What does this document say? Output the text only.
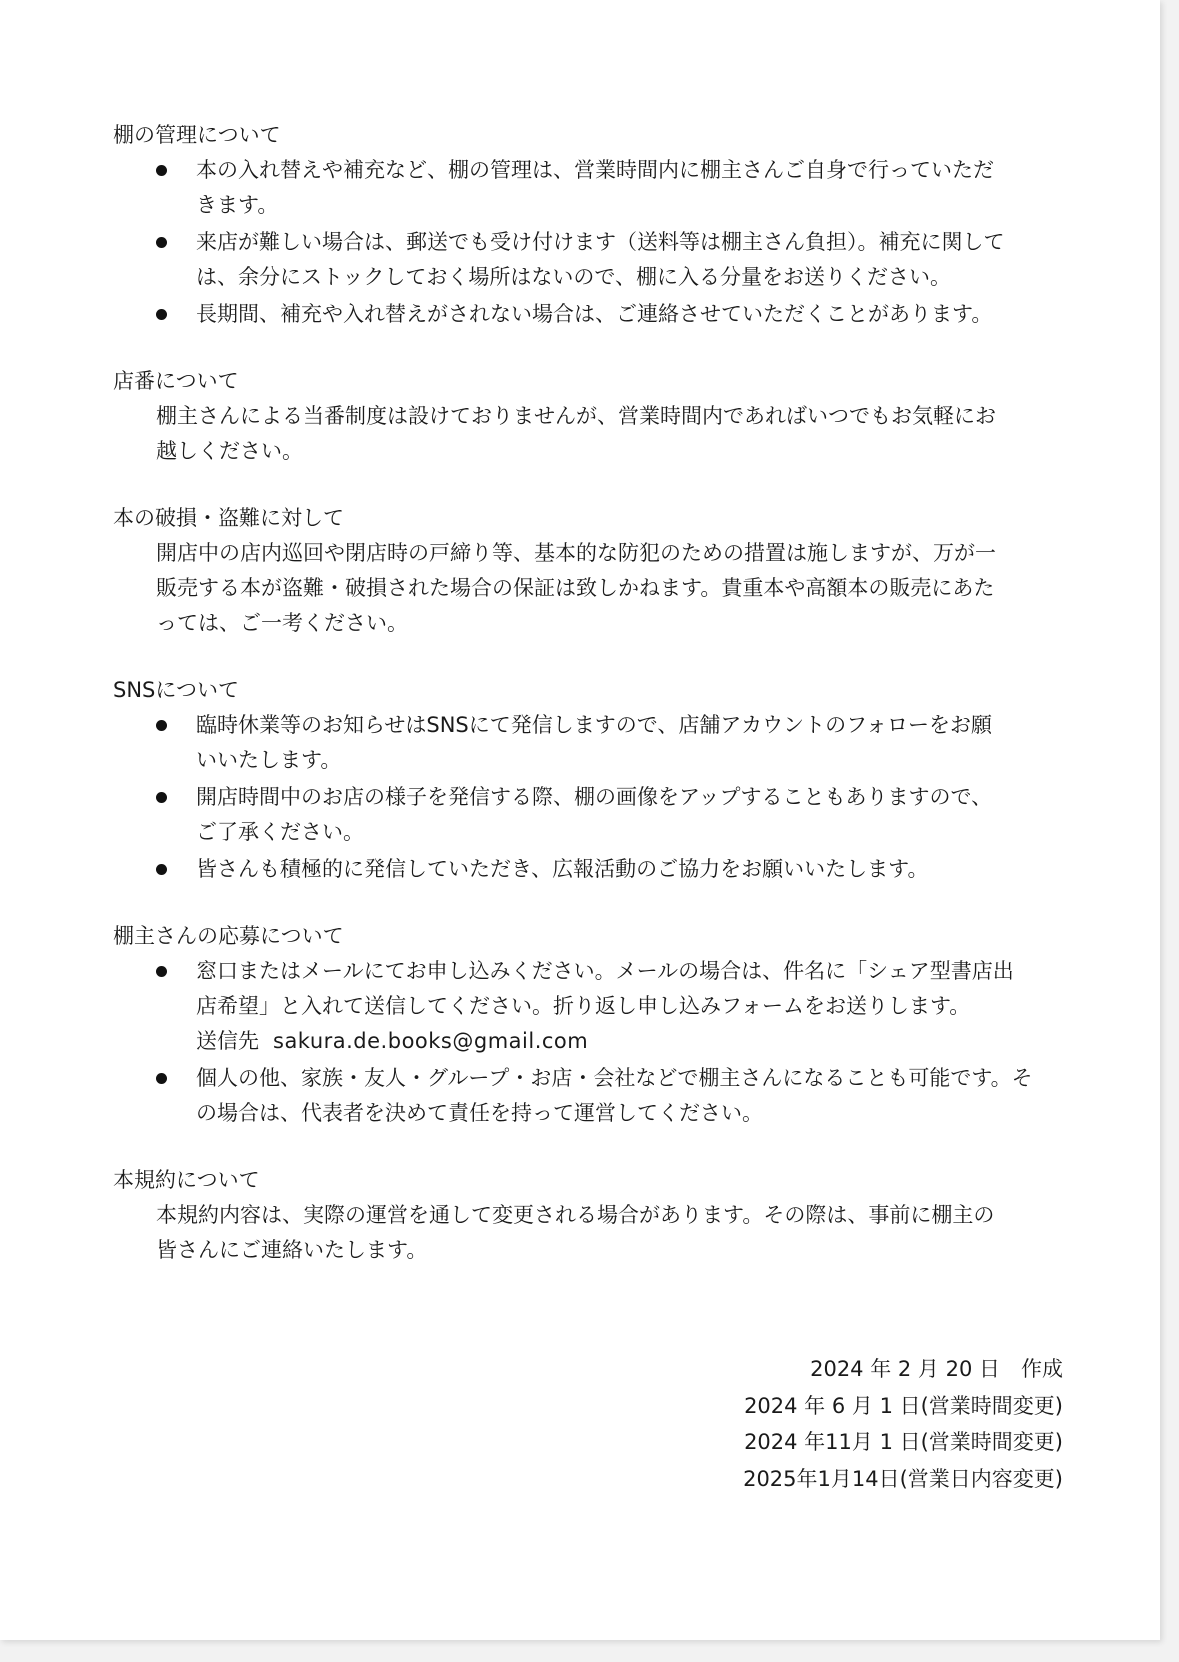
棚の管理について
本の入れ替えや補充など、棚の管理は、営業時間内に棚主さんご自身で行っていただ
きます。
来店が難しい場合は、郵送でも受け付けます（送料等は棚主さん負担）。補充に関して
は、余分にストックしておく場所はないので、棚に入る分量をお送りください。
長期間、補充や入れ替えがされない場合は、ご連絡させていただくことがあります。
店番について
棚主さんによる当番制度は設けておりませんが、営業時間内であればいつでもお気軽にお
越しください。
本の破損・盗難に対して
開店中の店内巡回や閉店時の戸締り等、基本的な防犯のための措置は施しますが、万が一
販売する本が盗難・破損された場合の保証は致しかねます。貴重本や高額本の販売にあた
っては、ご一考ください。
SNSについて
臨時休業等のお知らせはSNSにて発信しますので、店舗アカウントのフォローをお願
いいたします。
開店時間中のお店の様子を発信する際、棚の画像をアップすることもありますので、
ご了承ください。
皆さんも積極的に発信していただき、広報活動のご協力をお願いいたします。
棚主さんの応募について
窓口またはメールにてお申し込みください。メールの場合は、件名に「シェア型書店出
店希望」と入れて送信してください。折り返し申し込みフォームをお送りします。
送信先 sakura.de.books@gmail.com
個人の他、家族・友人・グループ・お店・会社などで棚主さんになることも可能です。そ
の場合は、代表者を決めて責任を持って運営してください。
本規約について
本規約内容は、実際の運営を通して変更される場合があります。その際は、事前に棚主の
皆さんにご連絡いたします。
2024 年 2 月 20 日　作成
2024 年 6 月 1 日(営業時間変更)
2024 年11月 1 日(営業時間変更)
2025年1月14日(営業日内容変更)
